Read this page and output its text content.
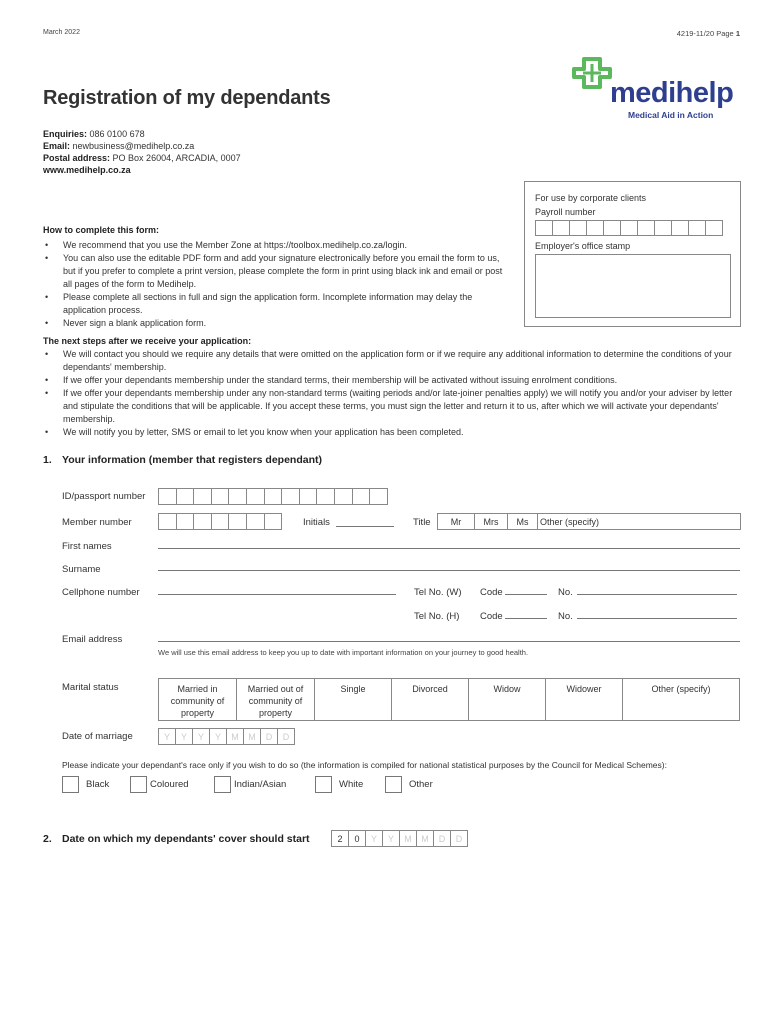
March 2022	4219-11/20 Page 1
medihelp
Medical Aid in Action
Registration of my dependants
Enquiries: 086 0100 678
Email: newbusiness@medihelp.co.za
Postal address: PO Box 26004, ARCADIA, 0007
www.medihelp.co.za
For use by corporate clients
Payroll number
Employer's office stamp
How to complete this form:
• We recommend that you use the Member Zone at https://toolbox.medihelp.co.za/login.
• You can also use the editable PDF form and add your signature electronically before you email the form to us, but if you prefer to complete a print version, please complete the form in print using black ink and email or post all pages of the form to Medihelp.
• Please complete all sections in full and sign the application form. Incomplete information may delay the application process.
• Never sign a blank application form.
The next steps after we receive your application:
• We will contact you should we require any details that were omitted on the application form or if we require any additional information to determine the conditions of your dependants' membership.
• If we offer your dependants membership under the standard terms, their membership will be activated without issuing enrolment conditions.
• If we offer your dependants membership under any non-standard terms (waiting periods and/or late-joiner penalties apply) we will notify you and/or your adviser by letter and stipulate the conditions that will be applicable. If you accept these terms, you must sign the letter and return it to us, after which we will activate your dependants' membership.
• We will notify you by letter, SMS or email to let you know when your application has been completed.
1. Your information (member that registers dependant)
ID/passport number
Member number	Initials	Title	Mr	Mrs	Ms	Other (specify)
First names
Surname
Cellphone number	Tel No. (W) Code	No.
Tel No. (H) Code	No.
Email address
We will use this email address to keep you up to date with important information on your journey to good health.
Marital status	Married in community of property	Married out of community of property	Single	Divorced	Widow	Widower	Other (specify)
Date of marriage	Y	Y	Y	Y	M	M	D	D
Please indicate your dependant's race only if you wish to do so (the information is compiled for national statistical purposes by the Council for Medical Schemes):
Black	Coloured	Indian/Asian	White	Other
2. Date on which my dependants' cover should start	2	0	Y	Y	M	M	D	D
